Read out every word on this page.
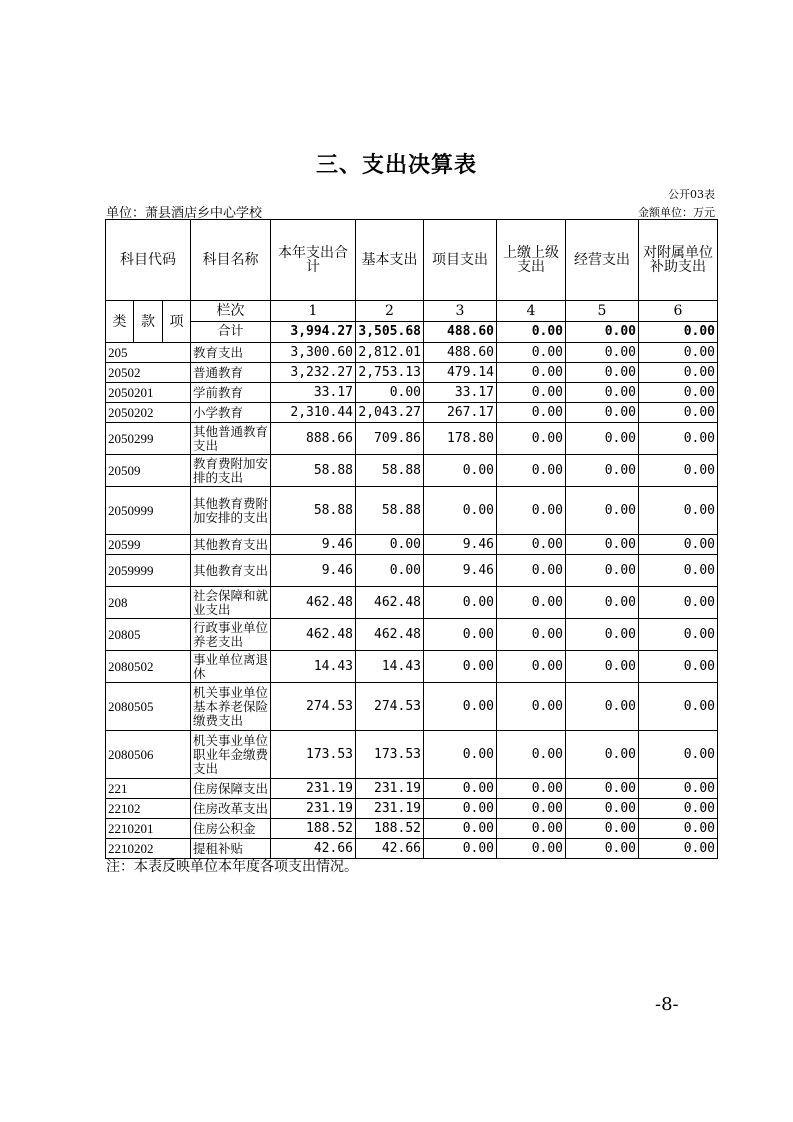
三、支出决算表
公开03表
单位：萧县酒店乡中心学校	金额单位：万元
科目代码			科目名称	本年支出合计	基本支出	项目支出	上缴上级支出	经营支出	对附属单位补助支出
类	款	项	栏次	1	2	3	4	5	6
			合计	3,994.27	3,505.68	488.60	0.00	0.00	0.00
205			教育支出	3,300.60	2,812.01	488.60	0.00	0.00	0.00
20502			普通教育	3,232.27	2,753.13	479.14	0.00	0.00	0.00
2050201			学前教育	33.17	0.00	33.17	0.00	0.00	0.00
2050202			小学教育	2,310.44	2,043.27	267.17	0.00	0.00	0.00
2050299			其他普通教育支出	888.66	709.86	178.80	0.00	0.00	0.00
20509			教育费附加安排的支出	58.88	58.88	0.00	0.00	0.00	0.00
2050999			其他教育费附加安排的支出	58.88	58.88	0.00	0.00	0.00	0.00
20599			其他教育支出	9.46	0.00	9.46	0.00	0.00	0.00
2059999			其他教育支出	9.46	0.00	9.46	0.00	0.00	0.00
208			社会保障和就业支出	462.48	462.48	0.00	0.00	0.00	0.00
20805			行政事业单位养老支出	462.48	462.48	0.00	0.00	0.00	0.00
2080502			事业单位离退休	14.43	14.43	0.00	0.00	0.00	0.00
2080505			机关事业单位基本养老保险缴费支出	274.53	274.53	0.00	0.00	0.00	0.00
2080506			机关事业单位职业年金缴费支出	173.53	173.53	0.00	0.00	0.00	0.00
221			住房保障支出	231.19	231.19	0.00	0.00	0.00	0.00
22102			住房改革支出	231.19	231.19	0.00	0.00	0.00	0.00
2210201			住房公积金	188.52	188.52	0.00	0.00	0.00	0.00
2210202			提租补贴	42.66	42.66	0.00	0.00	0.00	0.00
注：本表反映单位本年度各项支出情况。
-8-
